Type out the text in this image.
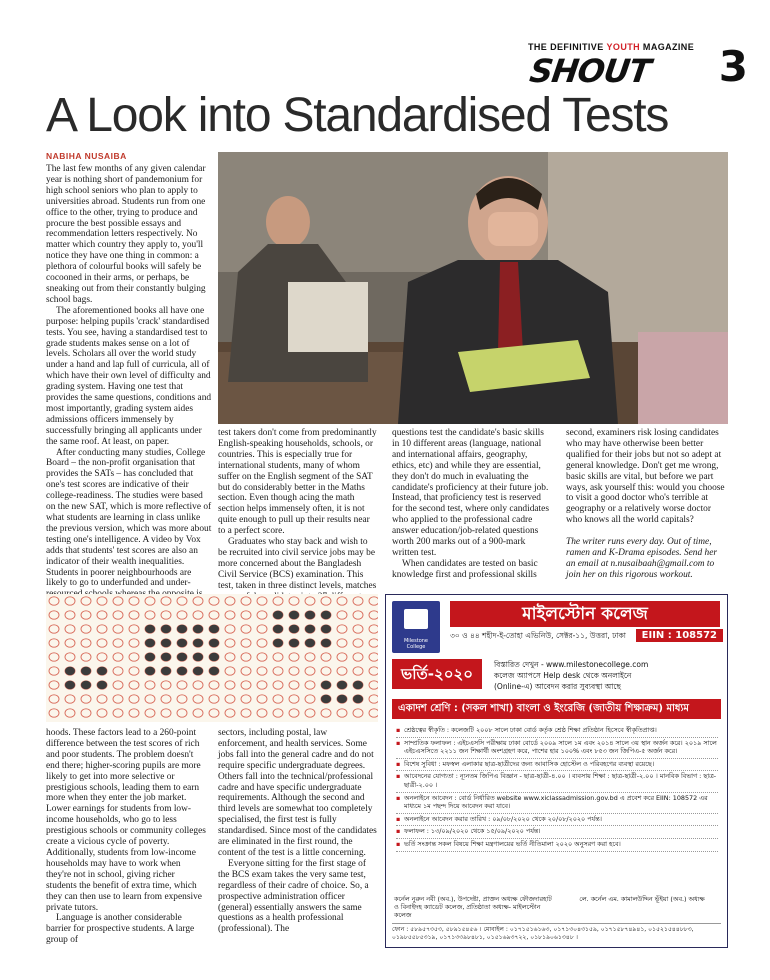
THE DEFINITIVE YOUTH MAGAZINE
SHOUT 3
A Look into Standardised Tests
NABIHA NUSAIBA

The last few months of any given calendar year is nothing short of pandemonium for high school seniors who plan to apply to universities abroad. Students run from one office to the other, trying to produce and procure the best possible essays and recommendation letters respectively. No matter which country they apply to, you'll notice they have one thing in common: a plethora of colourful books will safely be cocooned in their arms, or perhaps, be sneaking out from their constantly bulging school bags.

The aforementioned books all have one purpose: helping pupils 'crack' standardised tests. You see, having a standardised test to grade students makes sense on a lot of levels. Scholars all over the world study under a hand and lap full of curricula, all of which have their own level of difficulty and grading system. Having one test that provides the same questions, conditions and most importantly, grading system aides admissions officers immensely by successfully bringing all applicants under the same roof. At least, on paper.

After conducting many studies, College Board – the non-profit organisation that provides the SATs – has concluded that one's test scores are indicative of their college-readiness. The studies were based on the new SAT, which is more reflective of what students are learning in class unlike the previous version, which was more about testing one's intelligence. A video by Vox adds that students' test scores are also an indicator of their wealth inequalities. Students in poorer neighbourhoods are likely to go to underfunded and under-

test takers don't come from predominantly English-speaking households, schools, or countries. This is especially true for international students, many of whom suffer on the English segment of the SAT but do considerably better in the Maths section. Even though acing the math section helps immensely often, it is not quite enough to pull up their results near to a perfect score.

Graduates who stay back and wish to be recruited into civil service jobs may be more concerned about the Bangladesh Civil Service (BCS) examination. This test, taken in three distinct levels, matches

questions test the candidate's basic skills in 10 different areas (language, national and international affairs, geography, ethics, etc) and while they are essential, they don't do much in evaluating the candidate's proficiency at their future job. Instead, that proficiency test is reserved for the second test, where only candidates who applied to the professional cadre answer education/job-related questions worth 200 marks out of a 900-mark written test.

When candidates are tested on basic knowledge first and professional skills

second, examiners risk losing candidates who may have otherwise been better qualified for their jobs but not so adept at general knowledge. Don't get me wrong, basic skills are vital, but before we part ways, ask yourself this: would you choose to visit a good doctor who's terrible at geography or a relatively worse doctor who knows all the world capitals?

The writer runs every day. Out of time, ramen and K-Drama episodes. Send her an email at n.nusaibaah@gmail.com to join her on this rigorous workout.

hoods. These factors lead to a 260-point difference between the test scores of rich and poor students. The problem doesn't end there; higher-scoring pupils are more likely to get into more selective or prestigious schools, leading them to earn more when they enter the job market. Lower earnings for students from low-income households, who go to less prestigious schools or community colleges create a vicious cycle of poverty. Additionally, students from low-income households may have to work when they're not in school, giving richer students the benefit of extra time, which they can then use to learn from expensive private tutors.

Language is another considerable barrier for prospective students. A large group of

sectors, including postal, law enforcement, and health services. Some jobs fall into the general cadre and do not require specific undergraduate degrees. Others fall into the technical/professional cadre and have specific undergraduate requirements. Although the second and third levels are somewhat too completely specialised, the first test is fully standardised. Since most of the candidates are eliminated in the first round, the content of the test is a little concerning.

Everyone sitting for the first stage of the BCS exam takes the very same test, regardless of their cadre of choice. So, a prospective administration officer (general) essentially answers the same questions as a health professional (professional). The

Milestone College
মাইলস্টোন কলেজ
৩০ ও ৪৪ শহীদ-ই-তোহা এভিনিউ, সেক্টর-১১, উত্তরা, ঢাকা	EIIN : 108572
ভর্তি-২০২০
বিস্তারিত দেখুন - www.milestonecollege.com
কলেজ অ্যাপসে Help desk থেকে অনলাইনে
(Online-এ) আবেদন করার সুব্যবস্থা আছে
একাদশ শ্রেণি : (সকল শাখা) বাংলা ও ইংরেজি (জাতীয় শিক্ষাক্রম) মাধ্যম
▪ শ্রেষ্ঠত্বের স্বীকৃতি : কলেজটি ২০০৮ সালে ঢাকা বোর্ড কর্তৃক শ্রেষ্ঠ শিক্ষা প্রতিষ্ঠান হিসেবে স্বীকৃতিপ্রাপ্ত।
▪ সাম্প্রতিক ফলাফল : এইচএসসি পরীক্ষায় ঢাকা বোর্ডে ২০০৯ সালে ১ম এবং ২০১৪ সালে ৩য় স্থান অর্জন করে। ২০১৯ সালে এইচএসসিতে ২২১১ জন শিক্ষার্থী অংশগ্রহণ করে, পাশের হার ১০০% এবং ৮৫৩ জন জিপিএ-৫ অর্জন করে।
▪ বিশেষ সুবিধা : মফস্বল এলাকার ছাত্র-ছাত্রীদের জন্য আবাসিক হোস্টেল ও পরিবহণের ব্যবস্থা রয়েছে।
▪ আবেদনের যোগ্যতা : ন্যূনতম জিপিএ বিজ্ঞান - ছাত্র-ছাত্রী-৪.০০ । ব্যবসায় শিক্ষা : ছাত্র-ছাত্রী-২.০০ । মানবিক বিভাগ : ছাত্র-ছাত্রী-২.০০ ।
▪ অনলাইনে আবেদন : বোর্ড নির্ধারিত website www.xiclassadmission.gov.bd এ প্রবেশ করে EIIN: 108572 এর মাধ্যমে ১ম পছন্দ দিয়ে আবেদন করা যাবে।
▪ অনলাইনে আবেদন করার তারিখ : ০৯/০৮/২০২০ থেকে ২০/০৮/২০২০ পর্যন্ত।
▪ ফলাফল : ১৩/০৯/২০২০ থেকে ১৫/০৯/২০২০ পর্যন্ত।
▪ ভর্তি সংক্রান্ত সকল বিষয়ে শিক্ষা মন্ত্রণালয়ের ভর্তি নীতিমালা ২০২০ অনুসরণ করা হবে।
কর্নেল নুরুন নবী (অব.), উপদেষ্টা, প্রাক্তন অধ্যক্ষ ফৌজদারহাট ও বিনাইদহ ক্যাডেট কলেজ, প্রতিষ্ঠাতা অধ্যক্ষ- মাইলস্টোন কলেজ
লে. কর্নেল এম. কামালউদ্দিন ভূঁইয়া (অব.) অধ্যক্ষ
ফোন : ৫৮৯৫৭৩৫৩, ৫৮৯১৫৪৫৬ । মোবাইল : ০১৭১৫১৬১৬৩, ০১৭১৩০৪৩১৫৯, ০১৭১৫৮৭৪৯৪১, ০১৫২১৫৪৪৮৮৩, ০১৯৮৫৫৮৫৩১৯, ০১৭১৩৩৯৮৪৮১, ০১৫১৬৯৩৭২২, ০১৮১৯০৬১৩৪৮ ।
